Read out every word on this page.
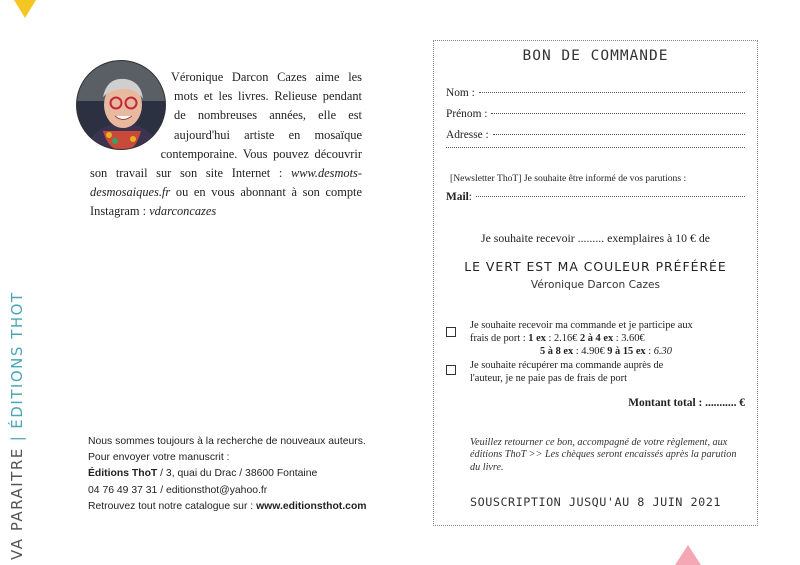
VA PARAITRE|ÉDITIONS THOT
Véronique Darcon Cazes aime les mots et les livres. Relieuse pendant de nombreuses années, elle est aujourd'hui artiste en mosaïque contemporaine. Vous pouvez découvrir son travail sur son site Internet : www.desmots-desmosaiques.fr ou en vous abonnant à son compte Instagram : vdarconcazes
Nous sommes toujours à la recherche de nouveaux auteurs.
Pour envoyer votre manuscrit :
Éditions ThoT / 3, quai du Drac / 38600 Fontaine
04 76 49 37 31 / editionsthot@yahoo.fr
Retrouvez tout notre catalogue sur : www.editionsthot.com
BON DE COMMANDE
Nom :
Prénom :
Adresse :
[Newsletter ThoT] Je souhaite être informé de vos parutions :
Mail :
Je souhaite recevoir ......... exemplaires à 10 € de
LE VERT EST MA COULEUR PRÉFÉRÉE
Véronique Darcon Cazes
Je souhaite recevoir ma commande et je participe aux
frais de port : 1 ex : 2.16€ 2 à 4 ex : 3.60€

5 à 8 ex : 4.90€ 9 à 15 ex : 6.30
Je souhaite récupérer ma commande auprès de
l'auteur, je ne paie pas de frais de port
Montant total : ........... €
Veuillez retourner ce bon, accompagné de votre règlement, aux éditions ThoT >> Les chèques seront encaissés après la parution du livre.
SOUSCRIPTION JUSQU'AU 8 JUIN 2021
